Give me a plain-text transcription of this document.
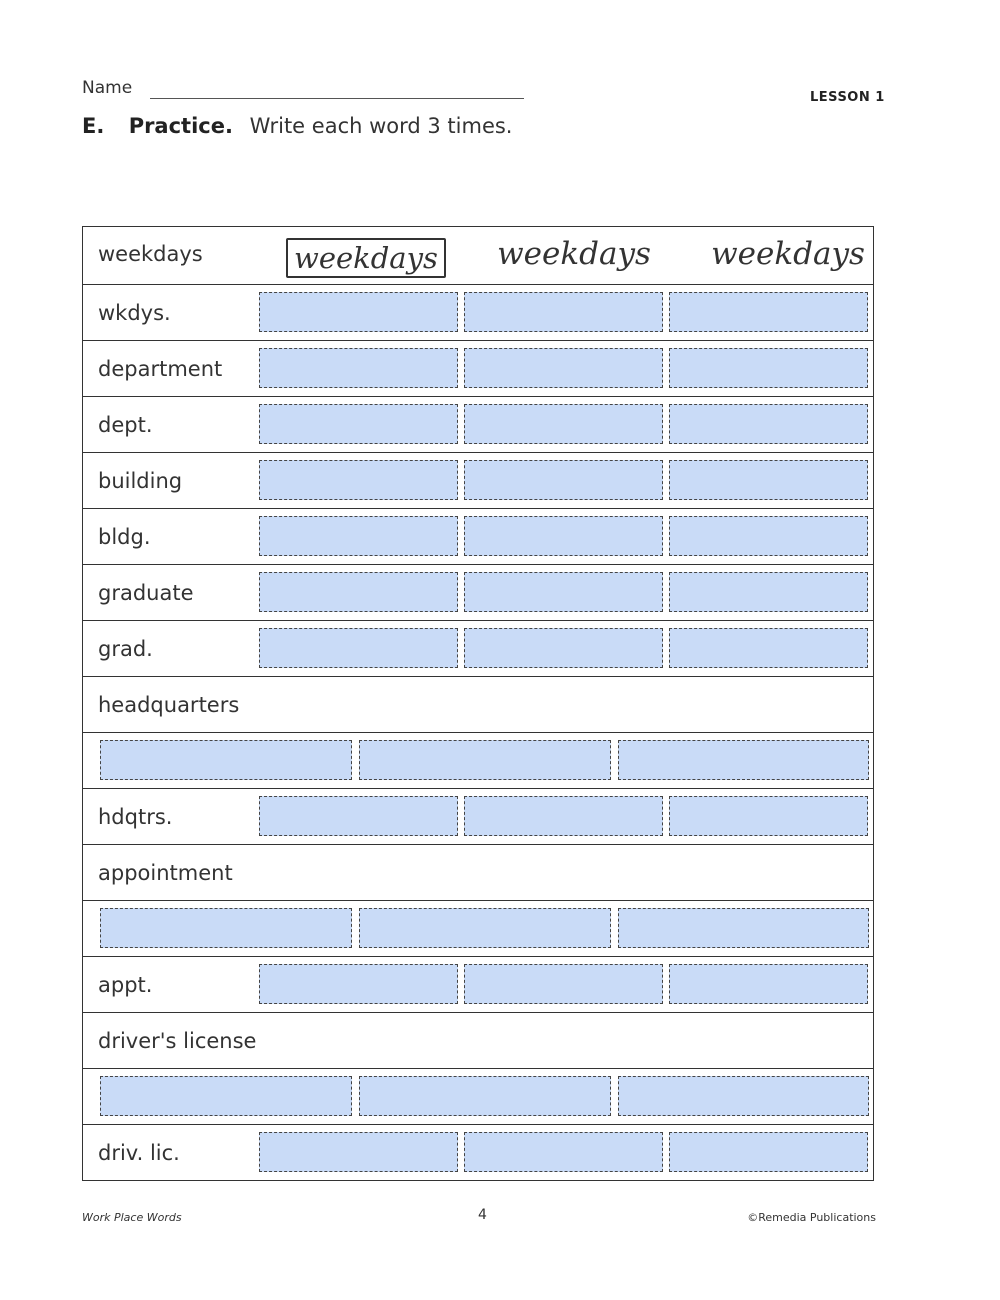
Name	LESSON 1
E. Practice. Write each word 3 times.
weekdays	weekdays weekdays weekdays
wkdys.
department
dept.
building
bldg.
graduate
grad.
headquarters
hdqtrs.
appointment
appt.
driver's license
driv. lic.
Work Place Words	4	©Remedia Publications
